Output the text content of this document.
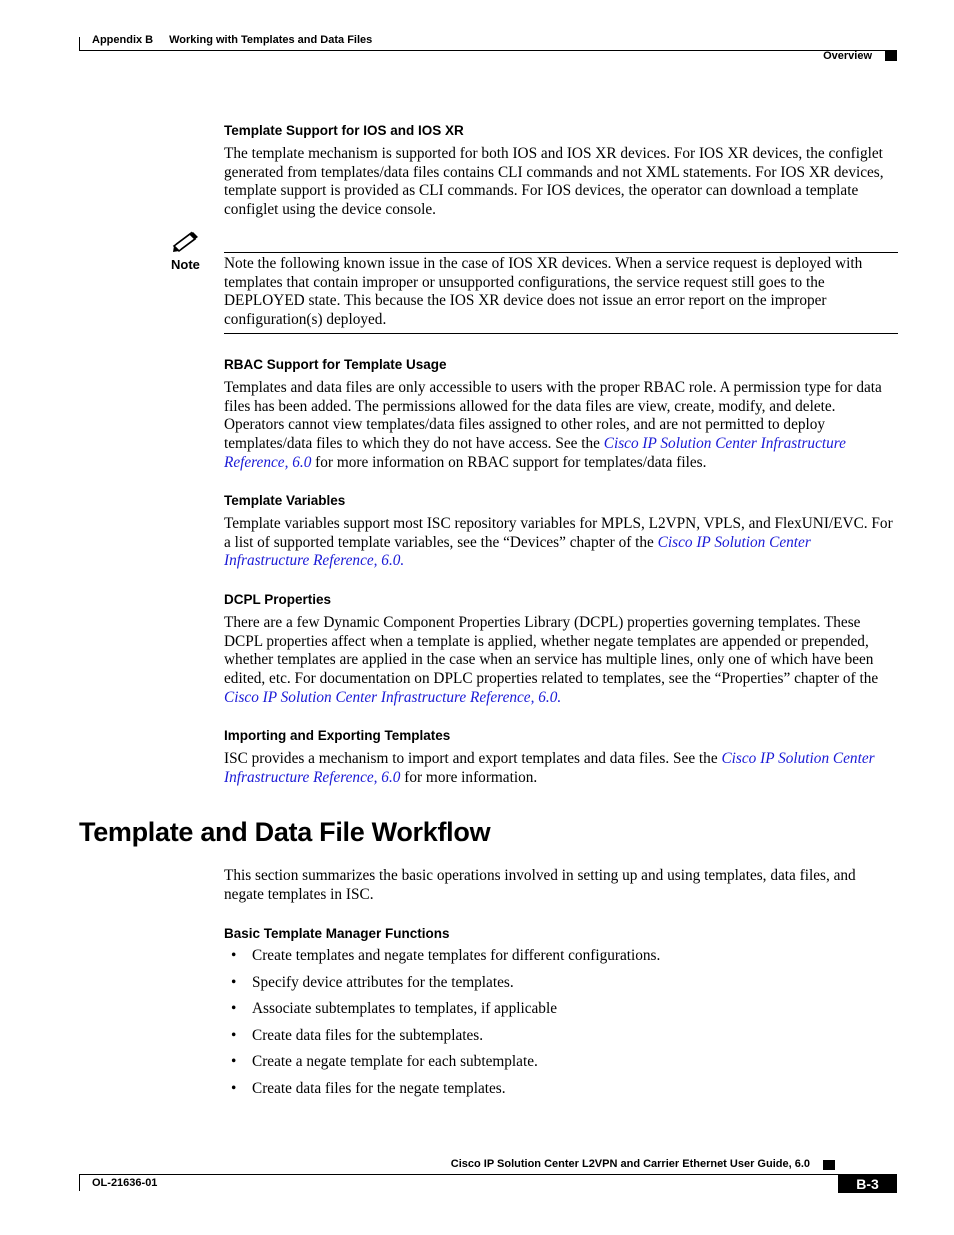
Appendix B Working with Templates and Data Files
Overview
Template Support for IOS and IOS XR

The template mechanism is supported for both IOS and IOS XR devices. For IOS XR devices, the configlet generated from templates/data files contains CLI commands and not XML statements. For IOS XR devices, template support is provided as CLI commands. For IOS devices, the operator can download a template configlet using the device console.

Note Note the following known issue in the case of IOS XR devices. When a service request is deployed with templates that contain improper or unsupported configurations, the service request still goes to the DEPLOYED state. This because the IOS XR device does not issue an error report on the improper configuration(s) deployed.

RBAC Support for Template Usage

Templates and data files are only accessible to users with the proper RBAC role. A permission type for data files has been added. The permissions allowed for the data files are view, create, modify, and delete. Operators cannot view templates/data files assigned to other roles, and are not permitted to deploy templates/data files to which they do not have access. See the Cisco IP Solution Center Infrastructure Reference, 6.0 for more information on RBAC support for templates/data files.

Template Variables

Template variables support most ISC repository variables for MPLS, L2VPN, VPLS, and FlexUNI/EVC. For a list of supported template variables, see the “Devices” chapter of the Cisco IP Solution Center Infrastructure Reference, 6.0.

DCPL Properties

There are a few Dynamic Component Properties Library (DCPL) properties governing templates. These DCPL properties affect when a template is applied, whether negate templates are appended or prepended, whether templates are applied in the case when an service has multiple lines, only one of which have been edited, etc. For documentation on DPLC properties related to templates, see the “Properties” chapter of the Cisco IP Solution Center Infrastructure Reference, 6.0.

Importing and Exporting Templates

ISC provides a mechanism to import and export templates and data files. See the Cisco IP Solution Center Infrastructure Reference, 6.0 for more information.

Template and Data File Workflow

This section summarizes the basic operations involved in setting up and using templates, data files, and negate templates in ISC.

Basic Template Manager Functions
• Create templates and negate templates for different configurations.
• Specify device attributes for the templates.
• Associate subtemplates to templates, if applicable
• Create data files for the subtemplates.
• Create a negate template for each subtemplate.
• Create data files for the negate templates.
Cisco IP Solution Center L2VPN and Carrier Ethernet User Guide, 6.0
OL-21636-01	B-3
